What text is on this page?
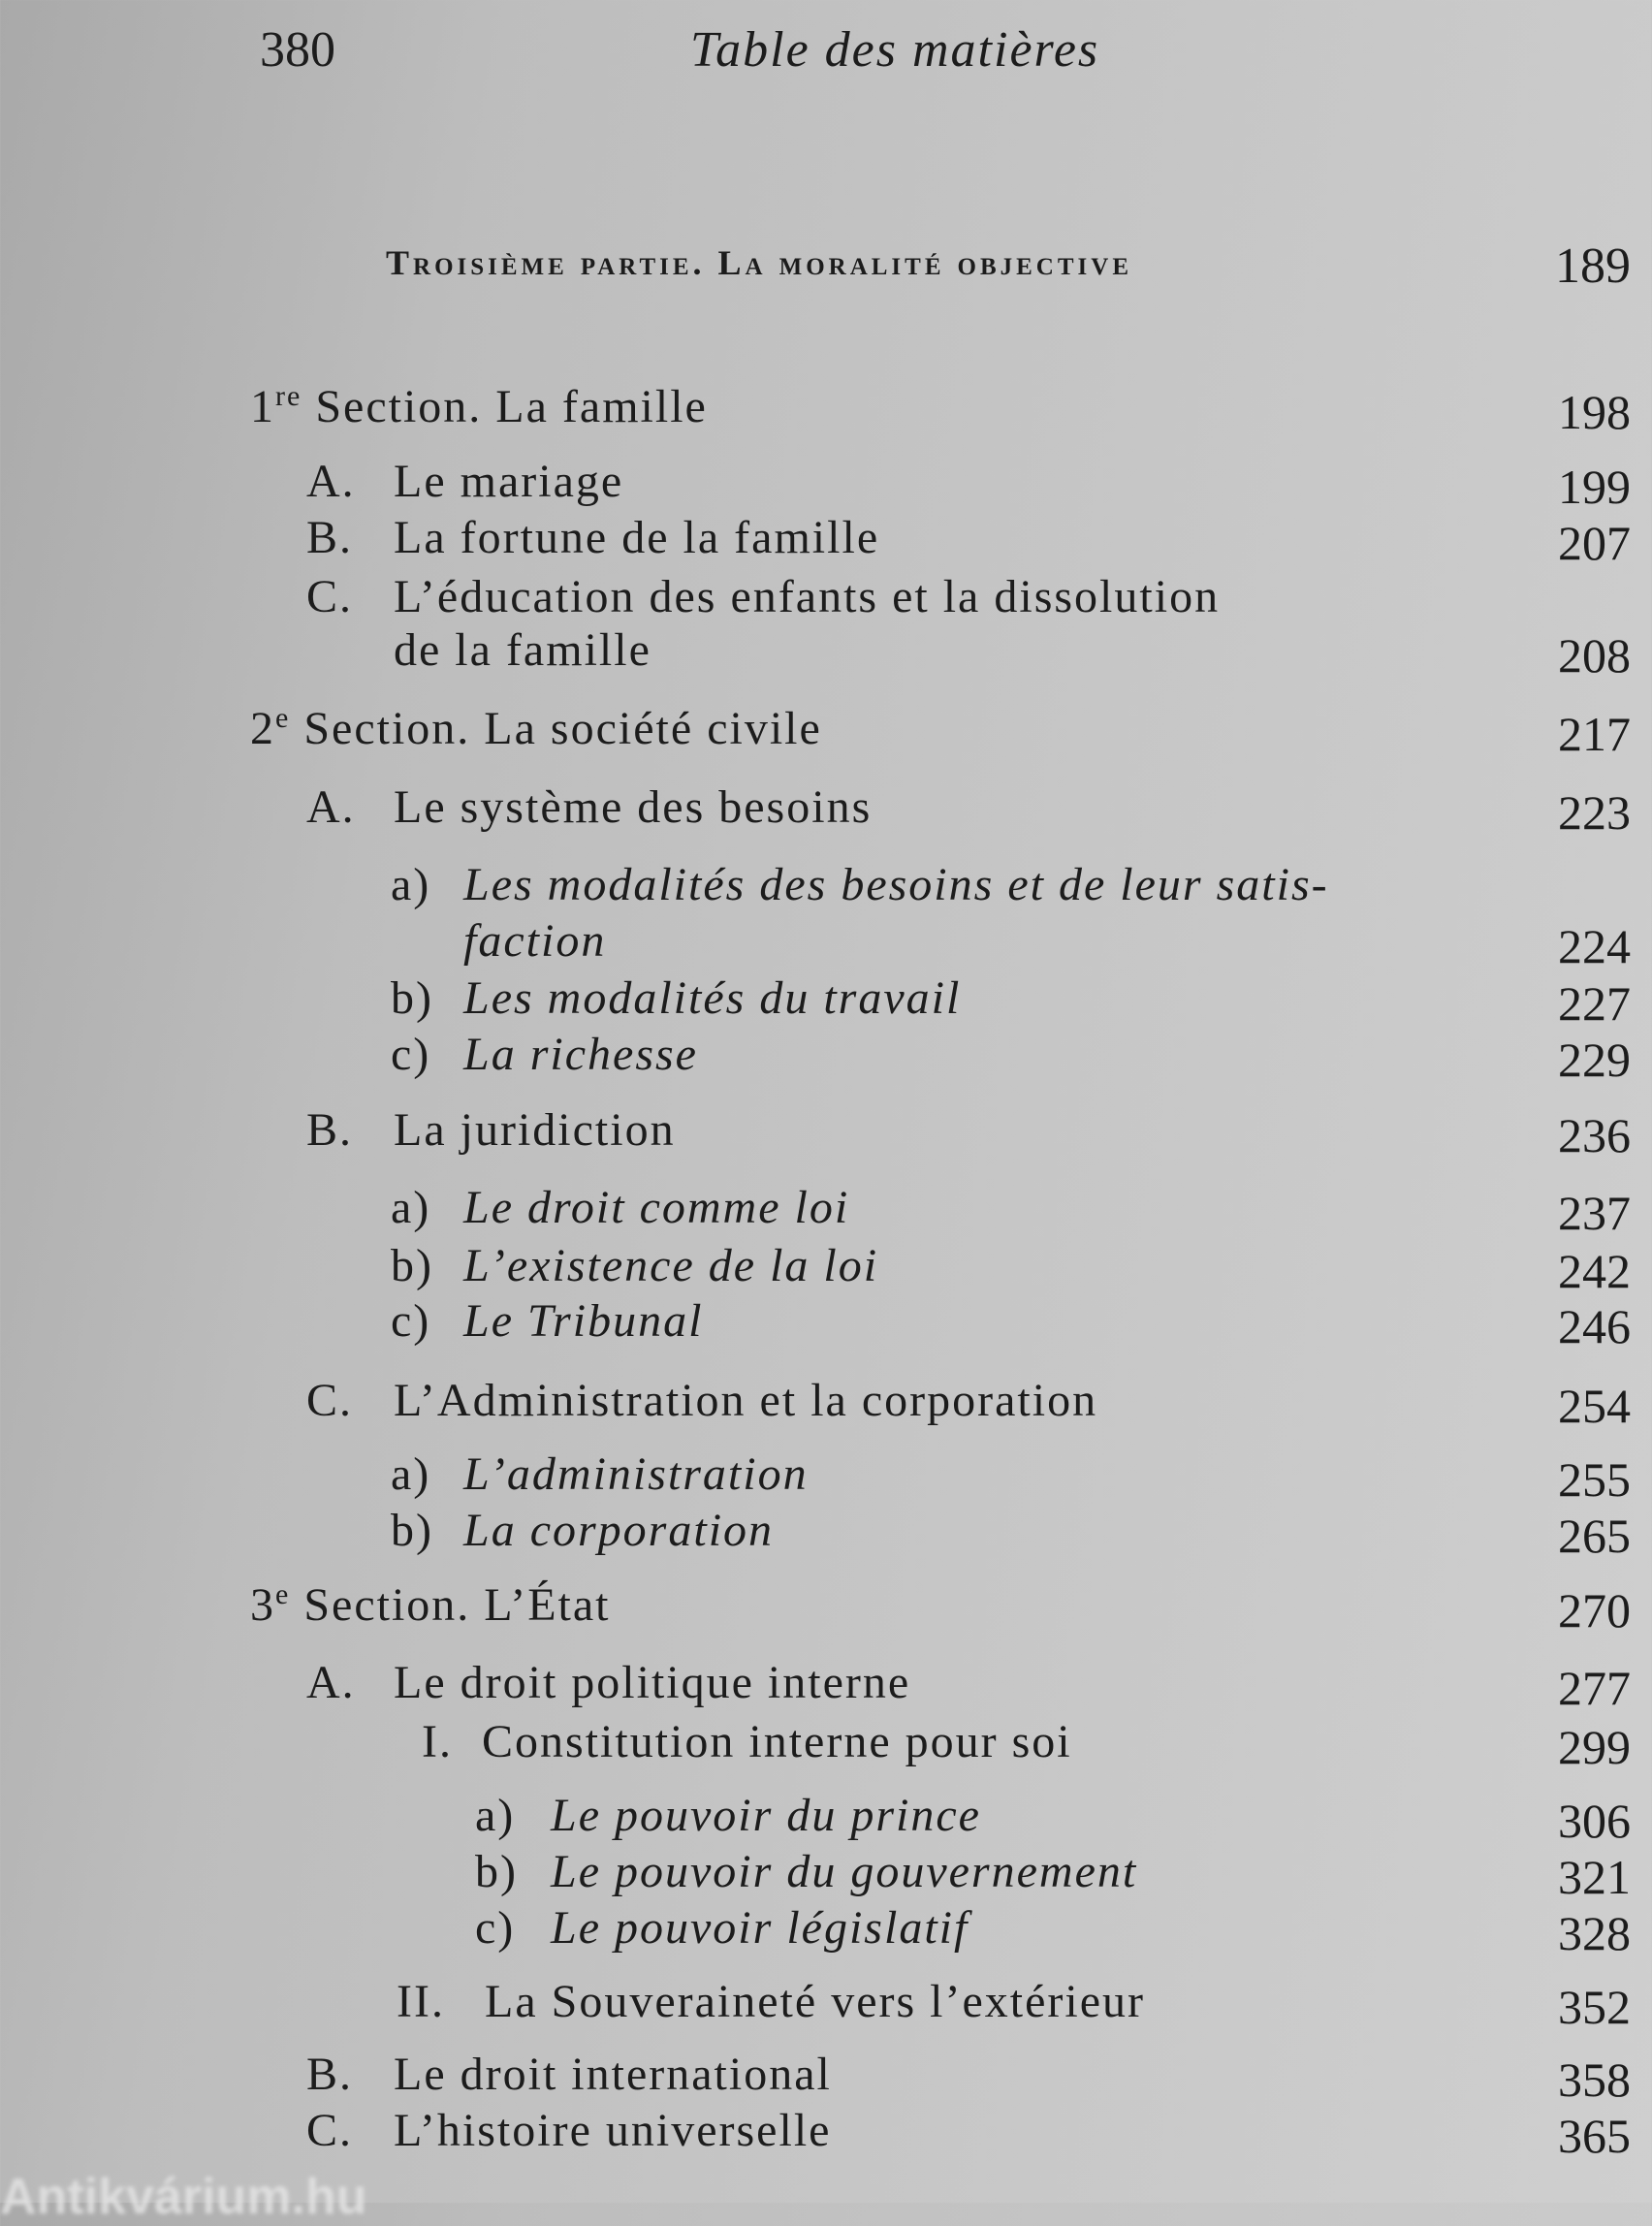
380	Table des matières
Troisième partie. La moralité objective	189
1re Section. La famille	198
A. Le mariage	199
B. La fortune de la famille	207
C. L’éducation des enfants et la dissolution
de la famille	208
2e Section. La société civile	217
A. Le système des besoins	223
a) Les modalités des besoins et de leur satis-
faction	224
b) Les modalités du travail	227
c) La richesse	229
B. La juridiction	236
a) Le droit comme loi	237
b) L’existence de la loi	242
c) Le Tribunal	246
C. L’Administration et la corporation	254
a) L’administration	255
b) La corporation	265
3e Section. L’État	270
A. Le droit politique interne	277
I. Constitution interne pour soi	299
a) Le pouvoir du prince	306
b) Le pouvoir du gouvernement	321
c) Le pouvoir législatif	328
II. La Souveraineté vers l’extérieur	352
B. Le droit international	358
C. L’histoire universelle	365
Antikvárium.hu
